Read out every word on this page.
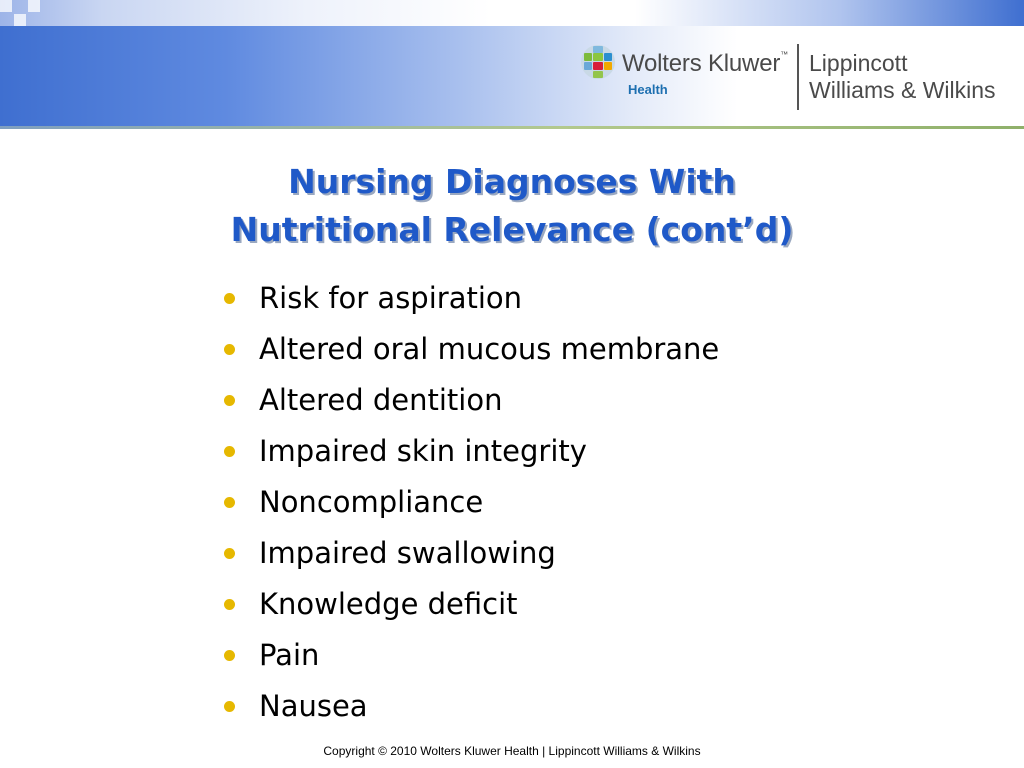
Wolters Kluwer™
Health
Lippincott
Williams & Wilkins
Nursing Diagnoses With
Nutritional Relevance (cont’d)
Risk for aspiration
Altered oral mucous membrane
Altered dentition
Impaired skin integrity
Noncompliance
Impaired swallowing
Knowledge deficit
Pain
Nausea
Copyright © 2010 Wolters Kluwer Health | Lippincott Williams & Wilkins
